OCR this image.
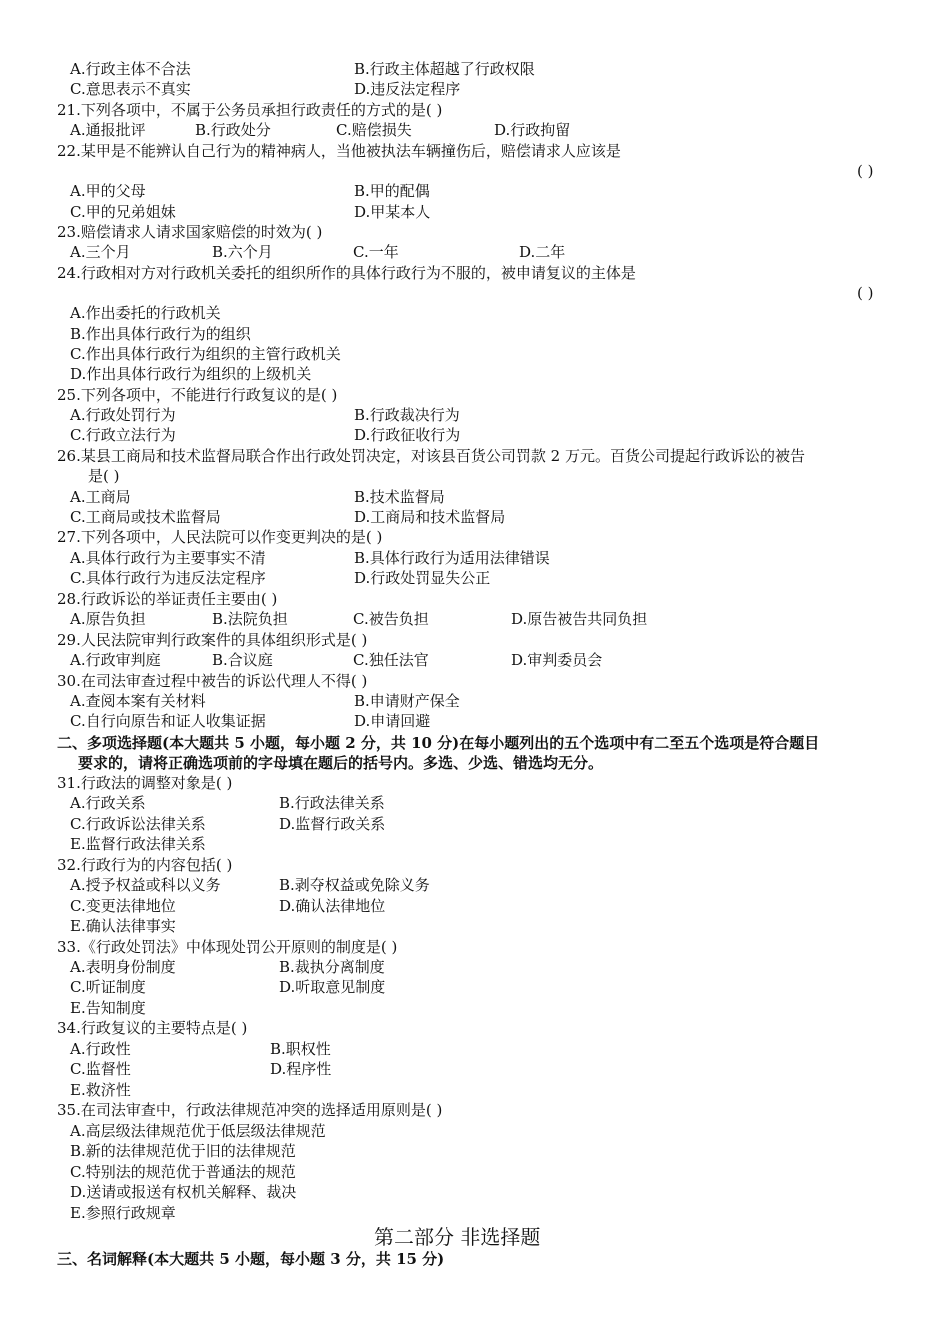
A.行政主体不合法	B.行政主体超越了行政权限
C.意思表示不真实	D.违反法定程序
21.下列各项中，不属于公务员承担行政责任的方式的是( )
A.通报批评	B.行政处分	C.赔偿损失	D.行政拘留
22.某甲是不能辨认自己行为的精神病人，当他被执法车辆撞伤后，赔偿请求人应该是
( )
A.甲的父母	B.甲的配偶
C.甲的兄弟姐妹	D.甲某本人
23.赔偿请求人请求国家赔偿的时效为( )
A.三个月	B.六个月	C.一年	D.二年
24.行政相对方对行政机关委托的组织所作的具体行政行为不服的，被申请复议的主体是
( )
A.作出委托的行政机关
B.作出具体行政行为的组织
C.作出具体行政行为组织的主管行政机关
D.作出具体行政行为组织的上级机关
25.下列各项中，不能进行行政复议的是( )
A.行政处罚行为	B.行政裁决行为
C.行政立法行为	D.行政征收行为
26.某县工商局和技术监督局联合作出行政处罚决定，对该县百货公司罚款 2 万元。百货公司提起行政诉讼的被告
是( )
A.工商局	B.技术监督局
C.工商局或技术监督局	D.工商局和技术监督局
27.下列各项中，人民法院可以作变更判决的是( )
A.具体行政行为主要事实不清	B.具体行政行为适用法律错误
C.具体行政行为违反法定程序	D.行政处罚显失公正
28.行政诉讼的举证责任主要由( )
A.原告负担	B.法院负担	C.被告负担	D.原告被告共同负担
29.人民法院审判行政案件的具体组织形式是( )
A.行政审判庭	B.合议庭	C.独任法官	D.审判委员会
30.在司法审查过程中被告的诉讼代理人不得( )
A.查阅本案有关材料	B.申请财产保全
C.自行向原告和证人收集证据	D.申请回避
二、多项选择题(本大题共 5 小题，每小题 2 分，共 10 分)在每小题列出的五个选项中有二至五个选项是符合题目
要求的，请将正确选项前的字母填在题后的括号内。多选、少选、错选均无分。
31.行政法的调整对象是( )
A.行政关系	B.行政法律关系
C.行政诉讼法律关系	D.监督行政关系
E.监督行政法律关系
32.行政行为的内容包括( )
A.授予权益或科以义务	B.剥夺权益或免除义务
C.变更法律地位	D.确认法律地位
E.确认法律事实
33.《行政处罚法》中体现处罚公开原则的制度是( )
A.表明身份制度	B.裁执分离制度
C.听证制度	D.听取意见制度
E.告知制度
34.行政复议的主要特点是( )
A.行政性	B.职权性
C.监督性	D.程序性
E.救济性
35.在司法审查中，行政法律规范冲突的选择适用原则是( )
A.高层级法律规范优于低层级法律规范
B.新的法律规范优于旧的法律规范
C.特别法的规范优于普通法的规范
D.送请或报送有权机关解释、裁决
E.参照行政规章
第二部分 非选择题
三、名词解释(本大题共 5 小题，每小题 3 分，共 15 分)
